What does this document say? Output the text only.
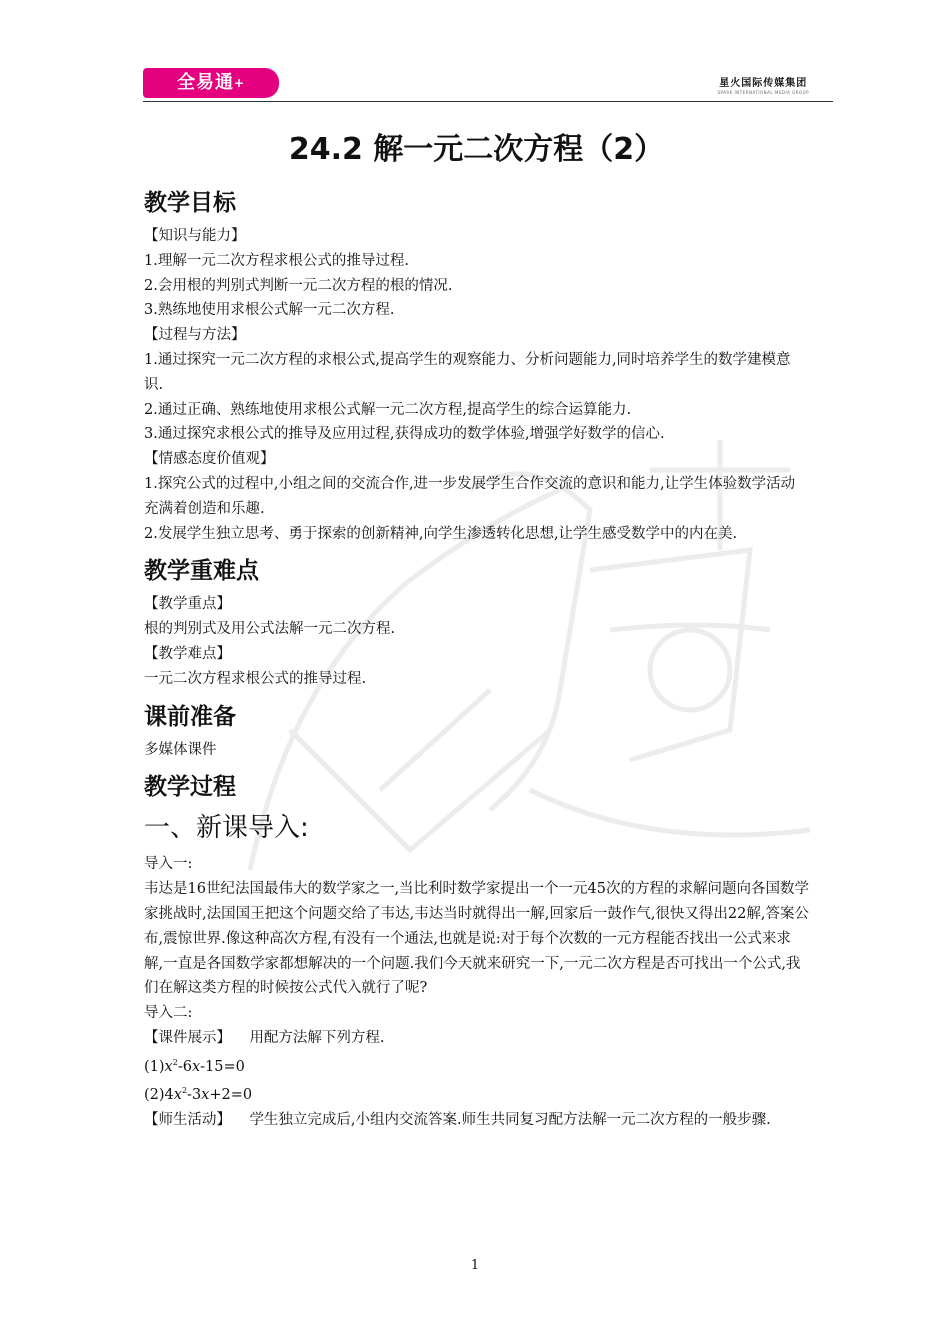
全易通+	星火国际传媒集团
SPARK INTERNATIONAL MEDIA GROUP
24.2 解一元二次方程（2）
教学目标

【知识与能力】

1.理解一元二次方程求根公式的推导过程.

2.会用根的判别式判断一元二次方程的根的情况.

3.熟练地使用求根公式解一元二次方程.

【过程与方法】

1.通过探究一元二次方程的求根公式,提高学生的观察能力、分析问题能力,同时培养学生的数学建模意识.

2.通过正确、熟练地使用求根公式解一元二次方程,提高学生的综合运算能力.

3.通过探究求根公式的推导及应用过程,获得成功的数学体验,增强学好数学的信心.

【情感态度价值观】

1.探究公式的过程中,小组之间的交流合作,进一步发展学生合作交流的意识和能力,让学生体验数学活动充满着创造和乐趣.

2.发展学生独立思考、勇于探索的创新精神,向学生渗透转化思想,让学生感受数学中的内在美.

教学重难点

【教学重点】

根的判别式及用公式法解一元二次方程.

【教学难点】

一元二次方程求根公式的推导过程.

课前准备

多媒体课件

教学过程
一、新课导入:

导入一:

韦达是16世纪法国最伟大的数学家之一,当比利时数学家提出一个一元45次的方程的求解问题向各国数学家挑战时,法国国王把这个问题交给了韦达,韦达当时就得出一解,回家后一鼓作气,很快又得出22解,答案公布,震惊世界.像这种高次方程,有没有一个通法,也就是说:对于每个次数的一元方程能否找出一公式来求解,一直是各国数学家都想解决的一个问题.我们今天就来研究一下,一元二次方程是否可找出一个公式,我们在解这类方程的时候按公式代入就行了呢?

导入二:

【课件展示】 用配方法解下列方程.

$(1)x^2-6x-15=0$

$(2)4x^2-3x+2=0$

【师生活动】 学生独立完成后,小组内交流答案.师生共同复习配方法解一元二次方程的一般步骤.

1
